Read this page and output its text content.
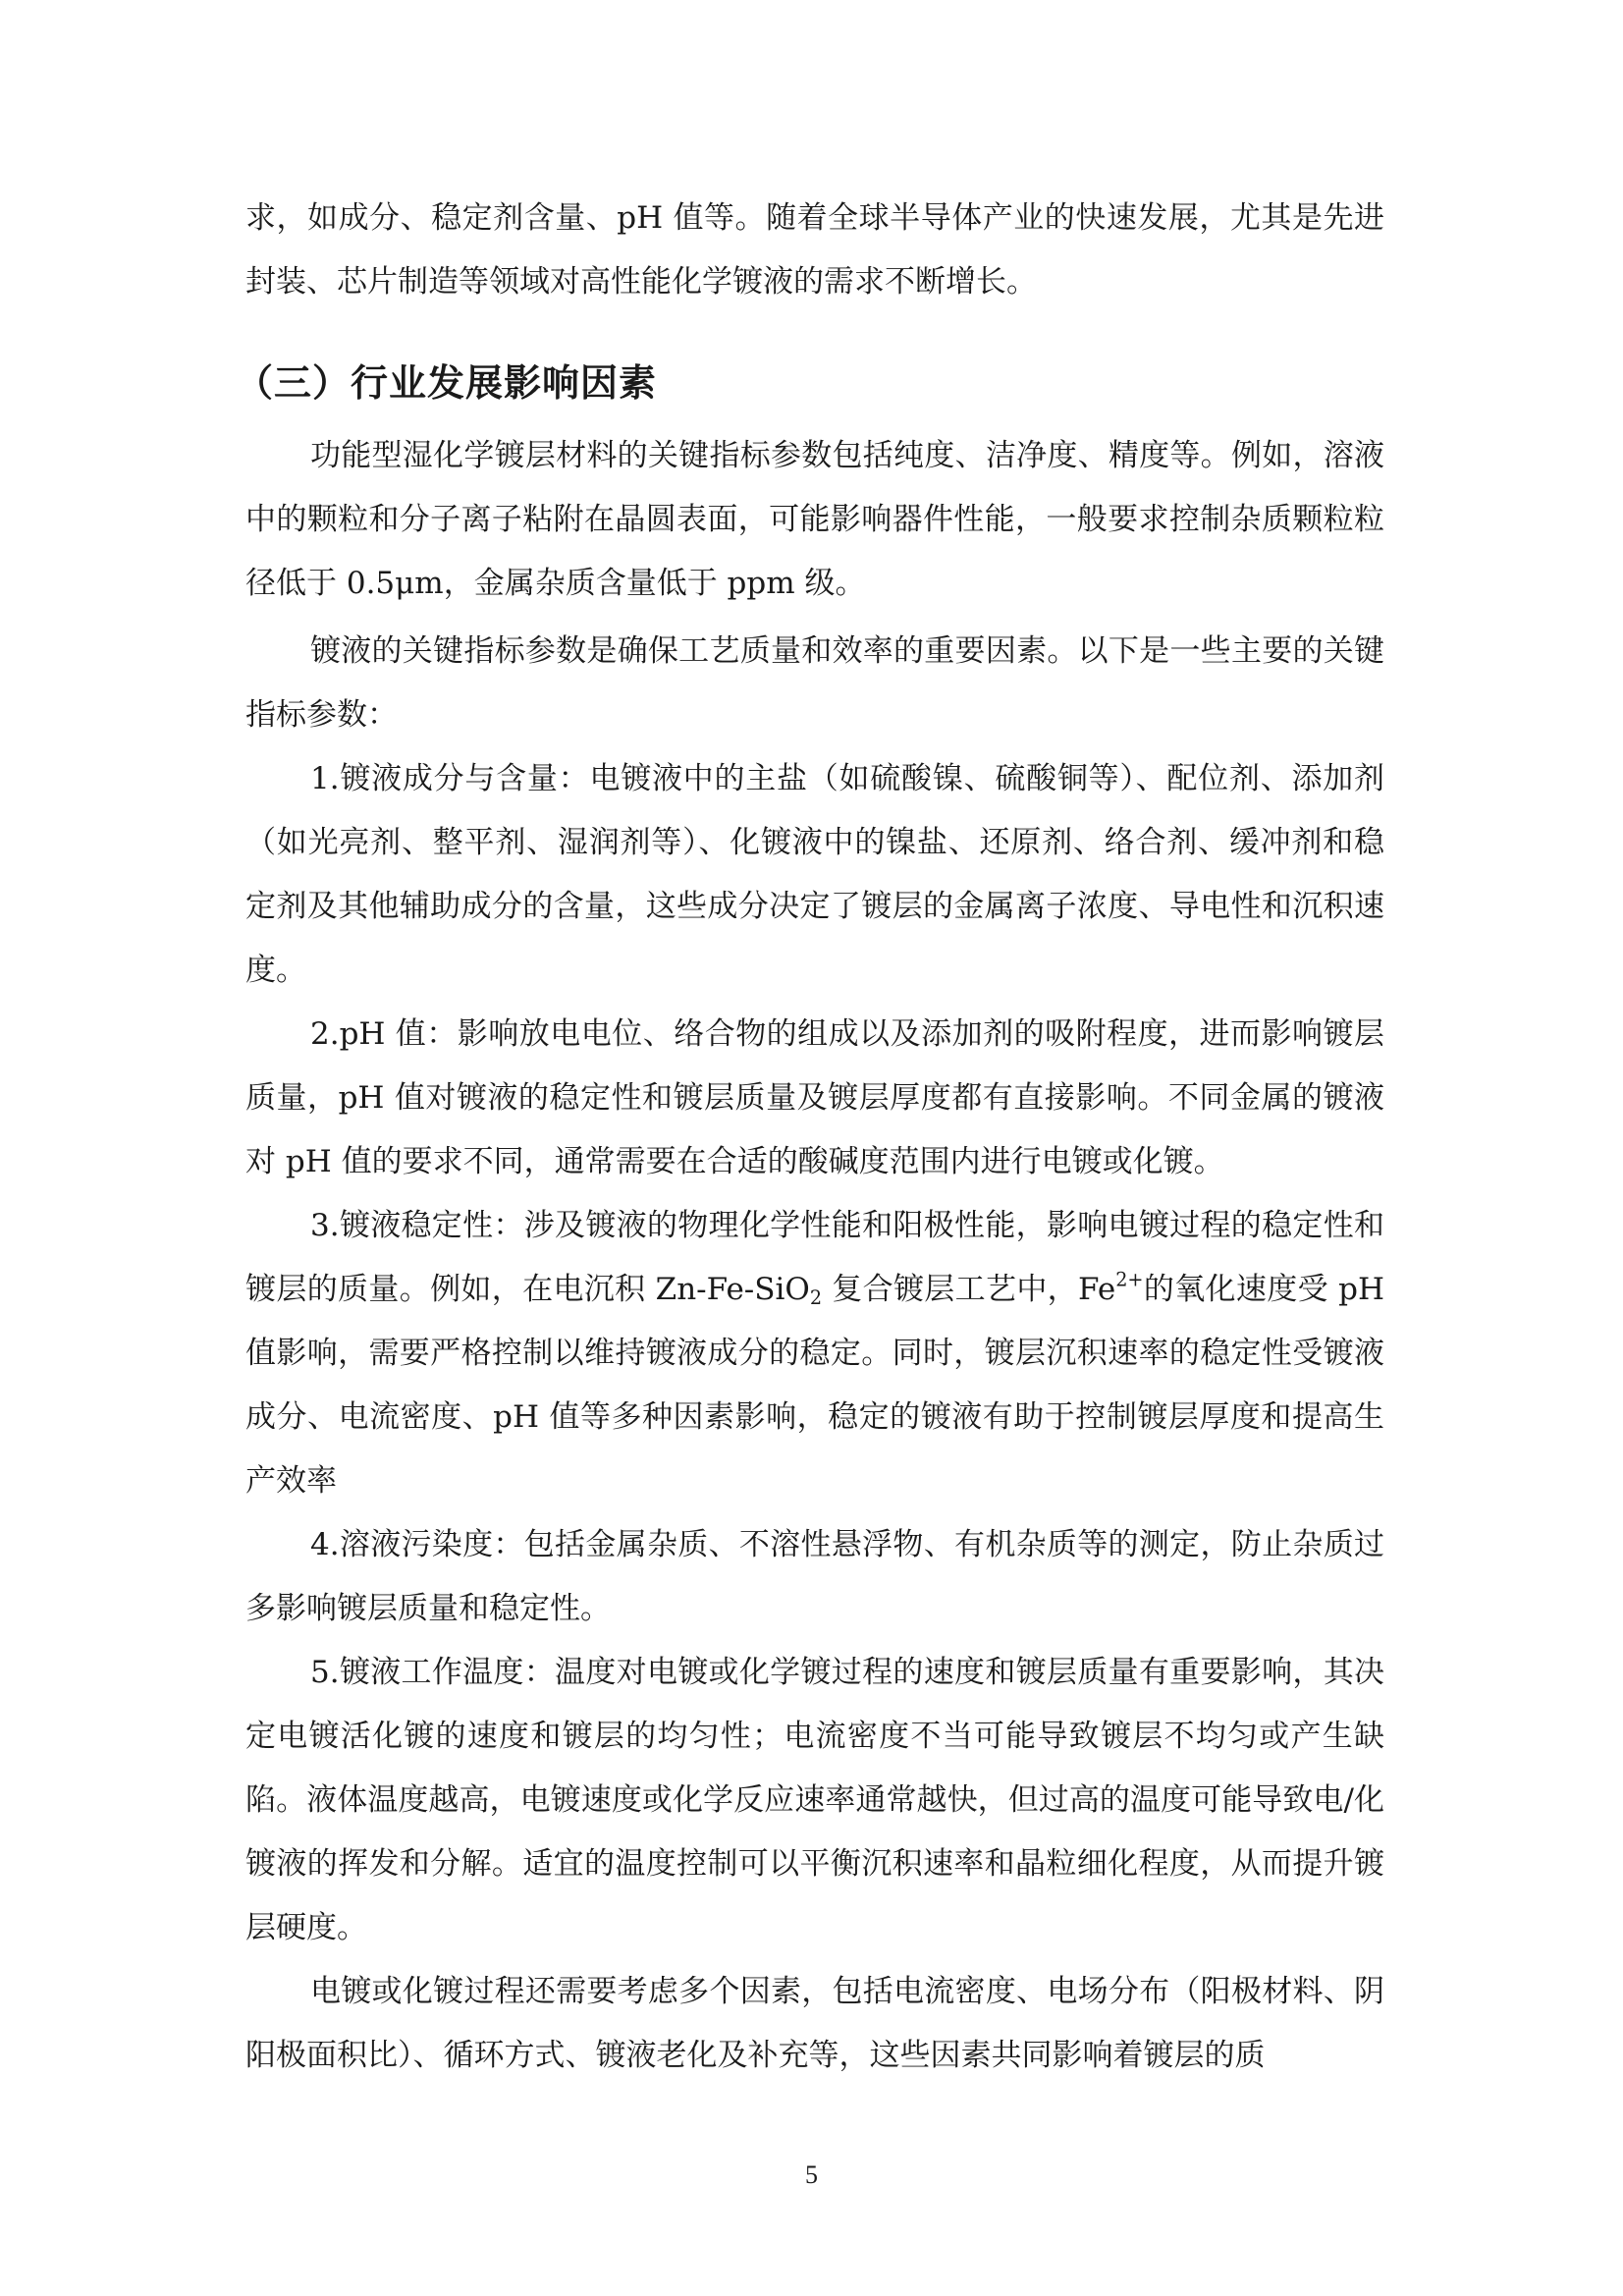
求，如成分、稳定剂含量、pH 值等。随着全球半导体产业的快速发展，尤其是先进封装、芯片制造等领域对高性能化学镀液的需求不断增长。

（三）行业发展影响因素

功能型湿化学镀层材料的关键指标参数包括纯度、洁净度、精度等。例如，溶液中的颗粒和分子离子粘附在晶圆表面，可能影响器件性能，一般要求控制杂质颗粒粒径低于 0.5μm，金属杂质含量低于 ppm 级。

镀液的关键指标参数是确保工艺质量和效率的重要因素。以下是一些主要的关键指标参数：

1.镀液成分与含量：电镀液中的主盐（如硫酸镍、硫酸铜等）、配位剂、添加剂（如光亮剂、整平剂、湿润剂等）、化镀液中的镍盐、还原剂、络合剂、缓冲剂和稳定剂及其他辅助成分的含量，这些成分决定了镀层的金属离子浓度、导电性和沉积速度。

2.pH 值：影响放电电位、络合物的组成以及添加剂的吸附程度，进而影响镀层质量，pH 值对镀液的稳定性和镀层质量及镀层厚度都有直接影响。不同金属的镀液对 pH 值的要求不同，通常需要在合适的酸碱度范围内进行电镀或化镀。

3.镀液稳定性：涉及镀液的物理化学性能和阳极性能，影响电镀过程的稳定性和镀层的质量。例如，在电沉积 Zn-Fe-SiO$_2$ 复合镀层工艺中，$Fe^{2+}$的氧化速度受 pH 值影响，需要严格控制以维持镀液成分的稳定。同时，镀层沉积速率的稳定性受镀液成分、电流密度、pH 值等多种因素影响，稳定的镀液有助于控制镀层厚度和提高生产效率

4.溶液污染度：包括金属杂质、不溶性悬浮物、有机杂质等的测定，防止杂质过多影响镀层质量和稳定性。

5.镀液工作温度：温度对电镀或化学镀过程的速度和镀层质量有重要影响，其决定电镀活化镀的速度和镀层的均匀性；电流密度不当可能导致镀层不均匀或产生缺陷。液体温度越高，电镀速度或化学反应速率通常越快，但过高的温度可能导致电/化镀液的挥发和分解。适宜的温度控制可以平衡沉积速率和晶粒细化程度，从而提升镀层硬度。

电镀或化镀过程还需要考虑多个因素，包括电流密度、电场分布（阳极材料、阴阳极面积比）、循环方式、镀液老化及补充等，这些因素共同影响着镀层的质

5
